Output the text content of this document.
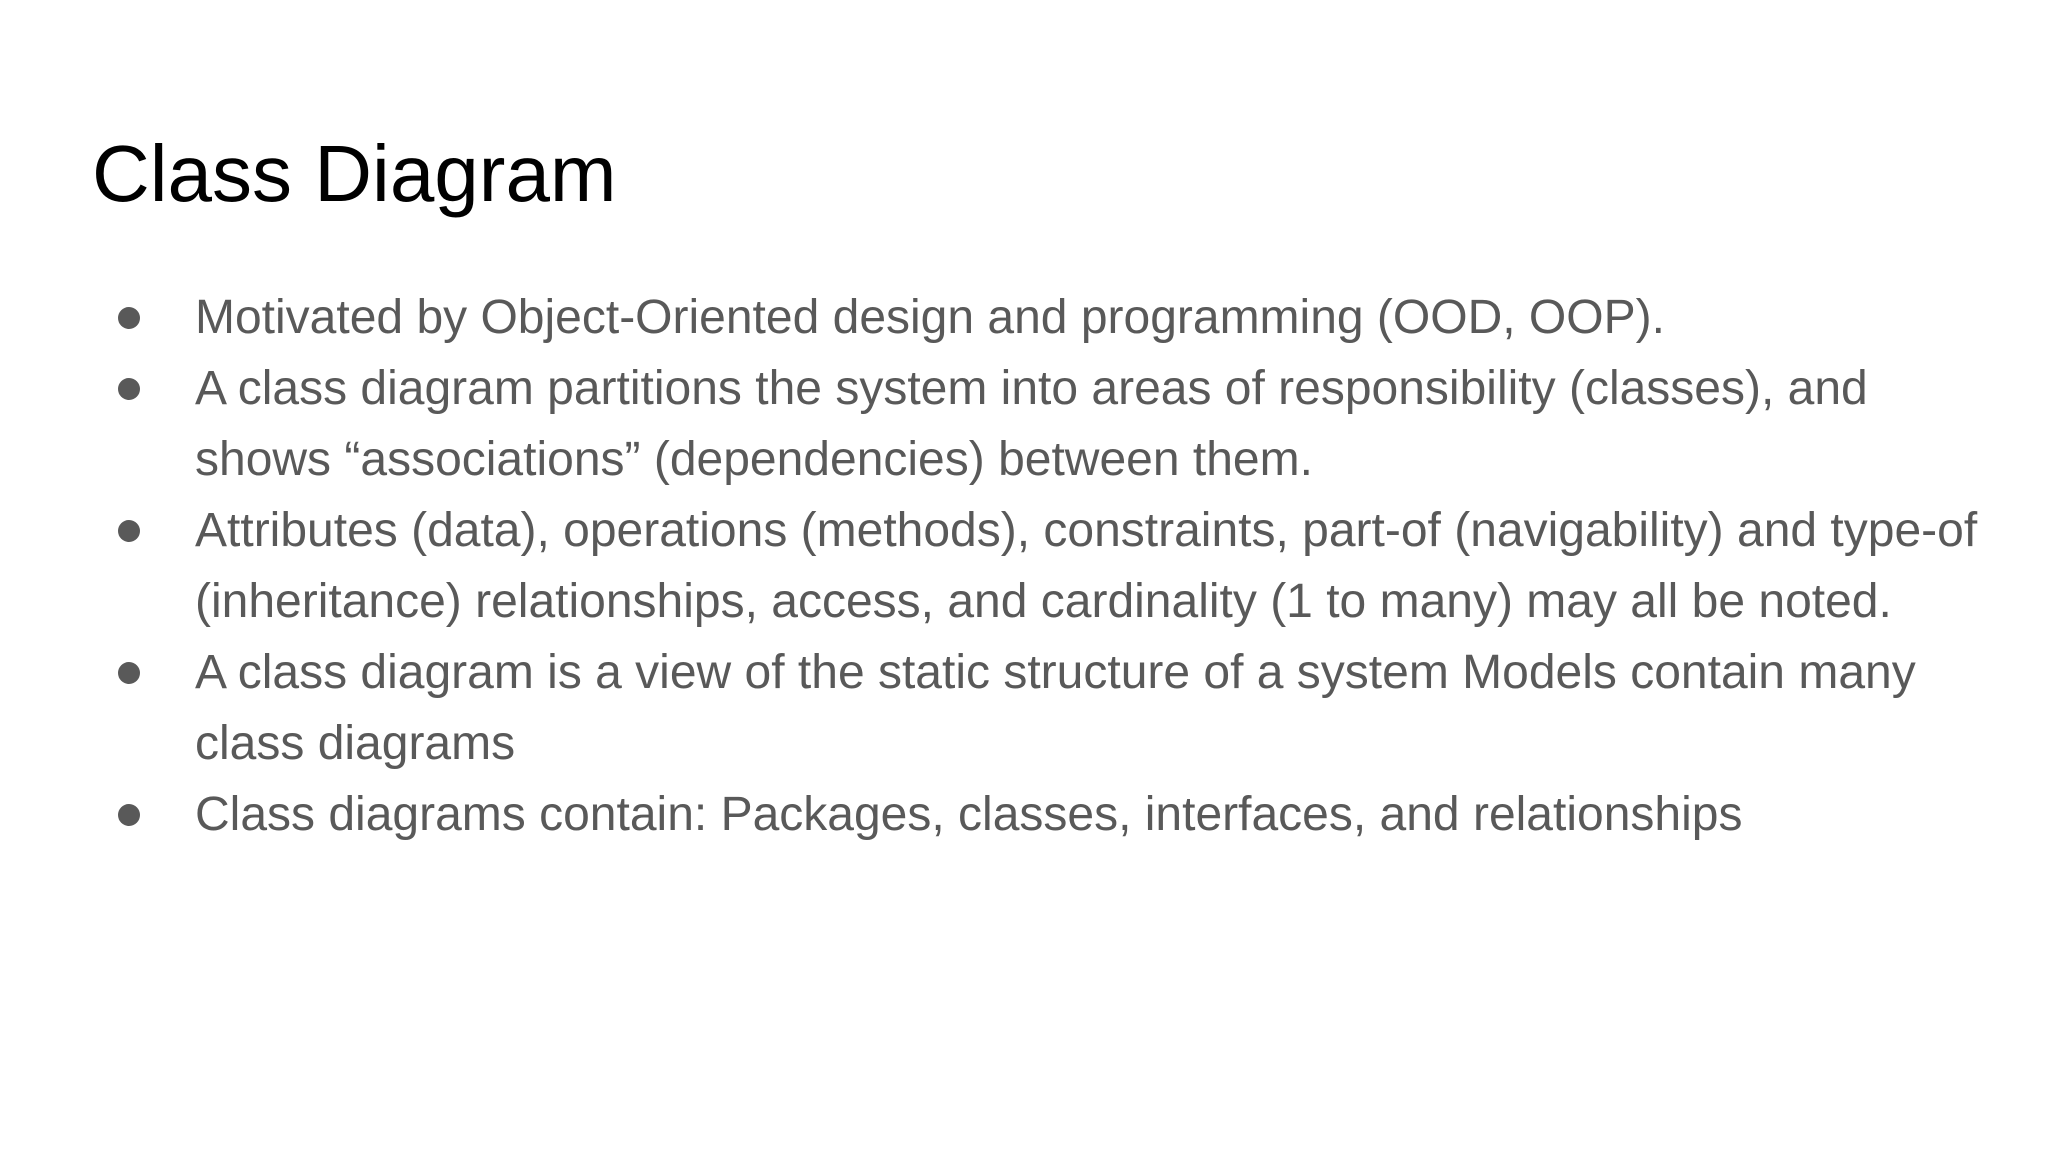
Class Diagram
Motivated by Object-Oriented design and programming (OOD, OOP).
A class diagram partitions the system into areas of responsibility (classes), and shows “associations” (dependencies) between them.
Attributes (data), operations (methods), constraints, part-of (navigability) and type-of (inheritance) relationships, access, and cardinality (1 to many) may all be noted.
A class diagram is a view of the static structure of a system Models contain many class diagrams
Class diagrams contain: Packages, classes, interfaces, and relationships
